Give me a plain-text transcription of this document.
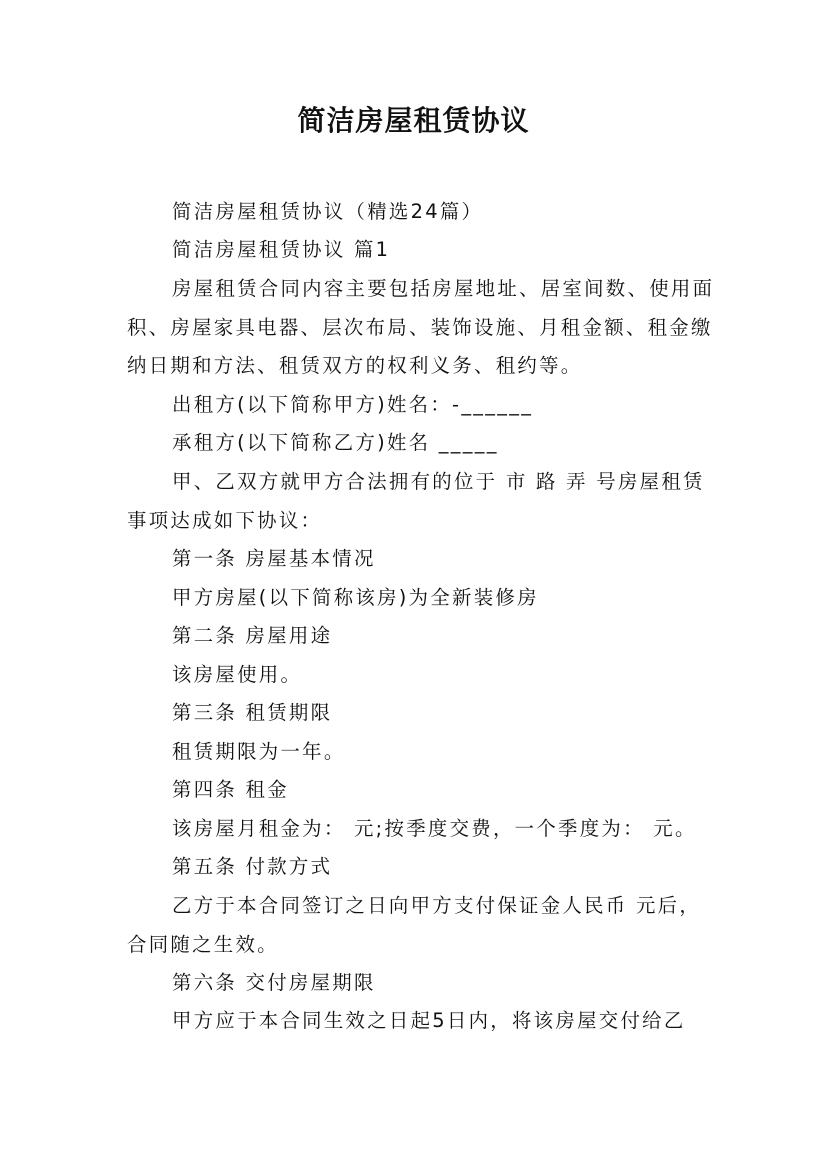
简洁房屋租赁协议

简洁房屋租赁协议（精选24篇）

简洁房屋租赁协议 篇1

房屋租赁合同内容主要包括房屋地址、居室间数、使用面积、房屋家具电器、层次布局、装饰设施、月租金额、租金缴纳日期和方法、租赁双方的权利义务、租约等。

出租方(以下简称甲方)姓名：-______

承租方(以下简称乙方)姓名 _____

甲、乙双方就甲方合法拥有的位于 市 路 弄 号房屋租赁事项达成如下协议：

第一条 房屋基本情况

甲方房屋(以下简称该房)为全新装修房

第二条 房屋用途

该房屋使用。

第三条 租赁期限

租赁期限为一年。

第四条 租金

该房屋月租金为： 元;按季度交费，一个季度为： 元。

第五条 付款方式

乙方于本合同签订之日向甲方支付保证金人民币 元后，合同随之生效。

第六条 交付房屋期限

甲方应于本合同生效之日起5日内，将该房屋交付给乙
